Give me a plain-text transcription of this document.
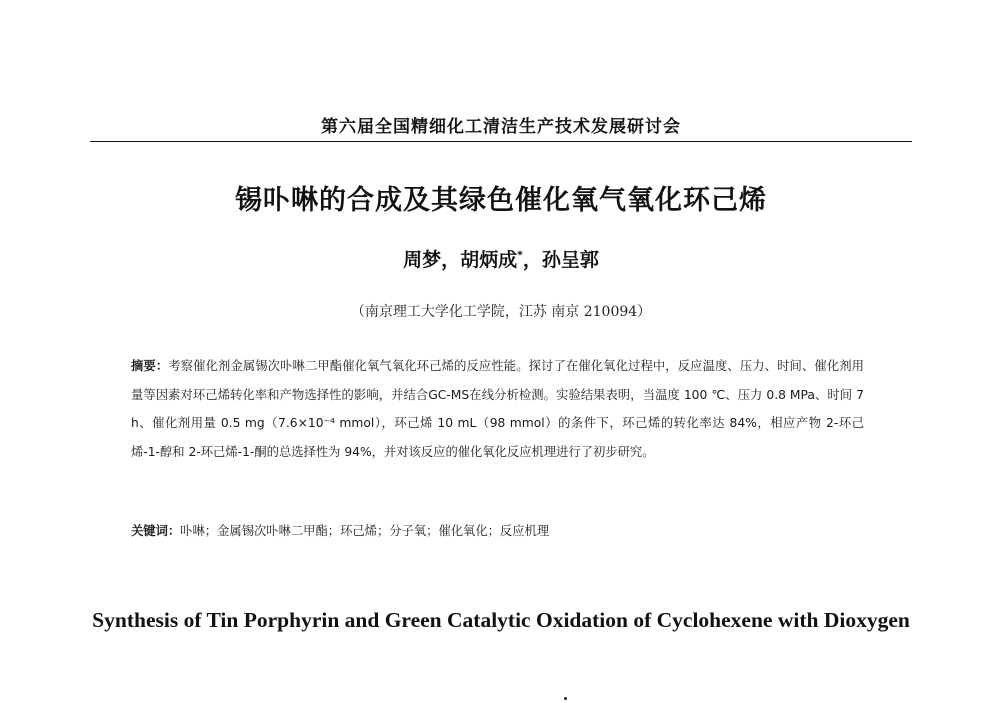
第六届全国精细化工清洁生产技术发展研讨会
锡卟啉的合成及其绿色催化氧气氧化环己烯
周梦，胡炳成*，孙呈郭
（南京理工大学化工学院，江苏 南京 210094）
摘要：考察催化剂金属锡次卟啉二甲酯催化氧气氧化环己烯的反应性能。探讨了在催化氧化过程中，反应温度、压力、时间、催化剂用量等因素对环己烯转化率和产物选择性的影响，并结合GC-MS在线分析检测。实验结果表明，当温度 100 ℃、压力 0.8 MPa、时间 7 h、催化剂用量 0.5 mg（7.6×10⁻⁴ mmol），环己烯 10 mL（98 mmol）的条件下，环己烯的转化率达 84%，相应产物 2-环己烯-1-醇和 2-环己烯-1-酮的总选择性为 94%，并对该反应的催化氧化反应机理进行了初步研究。
关键词：卟啉；金属锡次卟啉二甲酯；环己烯；分子氧；催化氧化；反应机理
Synthesis of Tin Porphyrin and Green Catalytic Oxidation of Cyclohexene with Dioxygen
